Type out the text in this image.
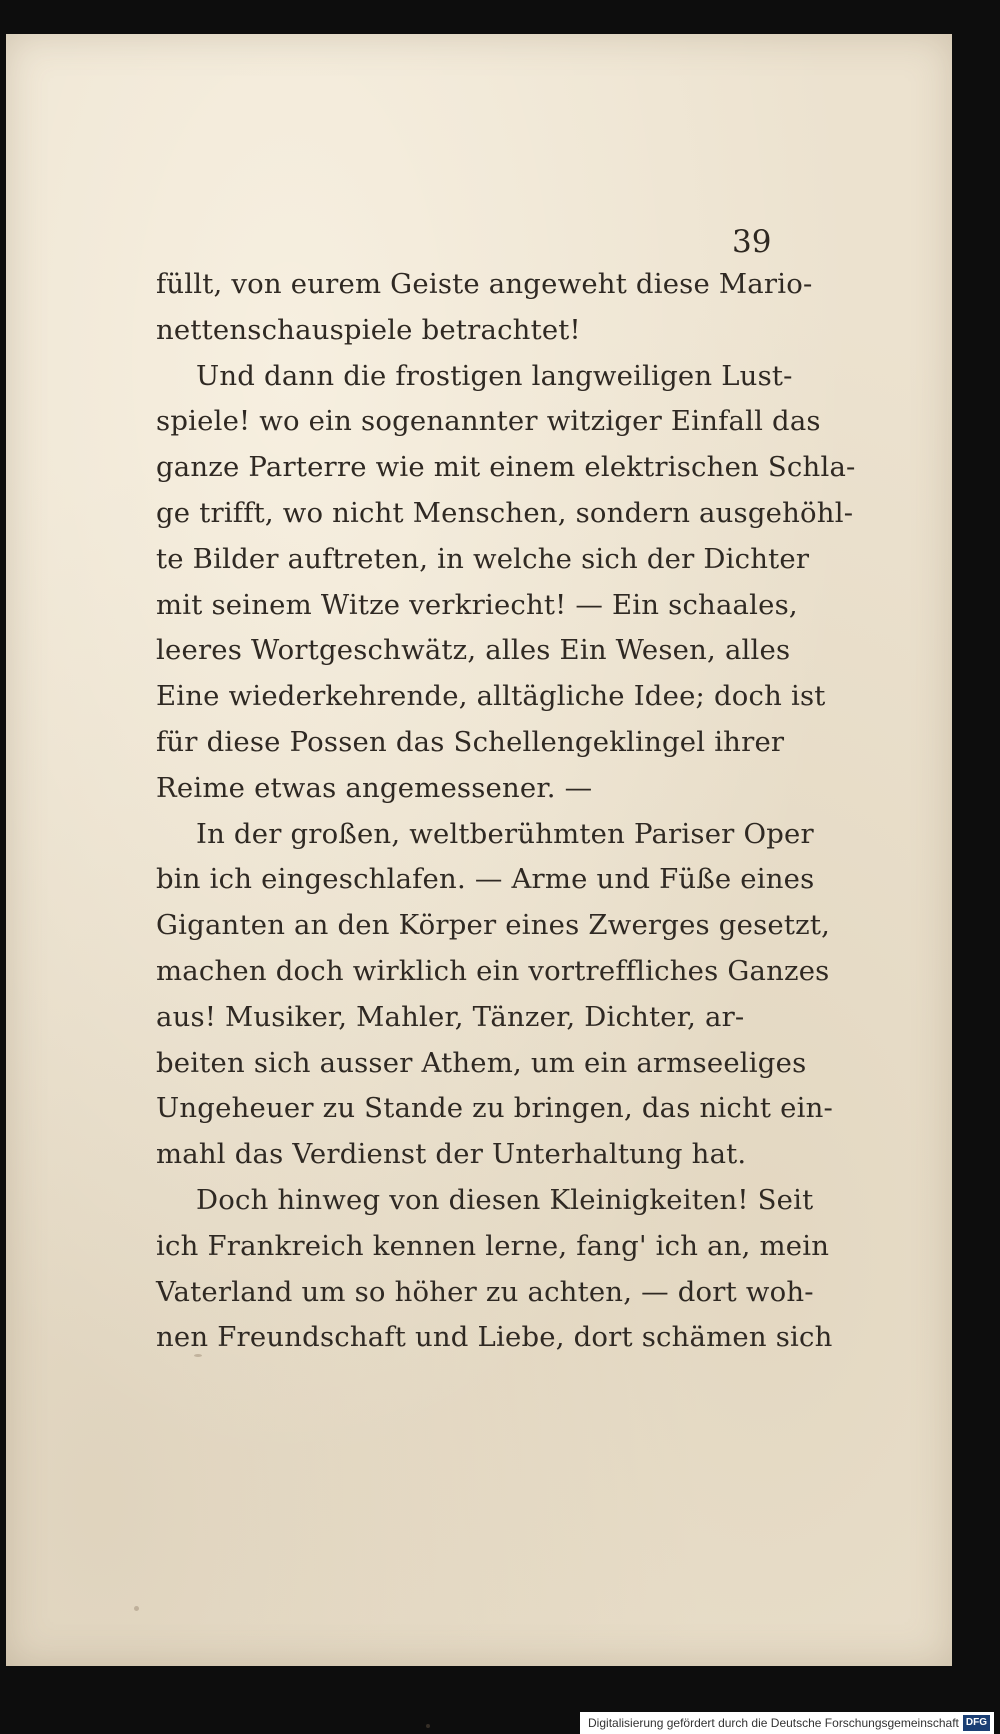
39
füllt, von eurem Geiste angeweht diese Mario-
nettenschauspiele betrachtet!
Und dann die frostigen langweiligen Lust-
spiele! wo ein sogenannter witziger Einfall das
ganze Parterre wie mit einem elektrischen Schla-
ge trifft, wo nicht Menschen, sondern ausgehöhl-
te Bilder auftreten, in welche sich der Dichter
mit seinem Witze verkriecht! — Ein schaales,
leeres Wortgeschwätz, alles Ein Wesen, alles
Eine wiederkehrende, alltägliche Idee; doch ist
für diese Possen das Schellengeklingel ihrer
Reime etwas angemessener. —
In der großen, weltberühmten Pariser Oper
bin ich eingeschlafen. — Arme und Füße eines
Giganten an den Körper eines Zwerges gesetzt,
machen doch wirklich ein vortreffliches Ganzes
aus! Musiker, Mahler, Tänzer, Dichter, ar-
beiten sich ausser Athem, um ein armseeliges
Ungeheuer zu Stande zu bringen, das nicht ein-
mahl das Verdienst der Unterhaltung hat.
Doch hinweg von diesen Kleinigkeiten! Seit
ich Frankreich kennen lerne, fang' ich an, mein
Vaterland um so höher zu achten, — dort woh-
nen Freundschaft und Liebe, dort schämen sich
Digitalisierung gefördert durch die Deutsche Forschungsgemeinschaft DFG
